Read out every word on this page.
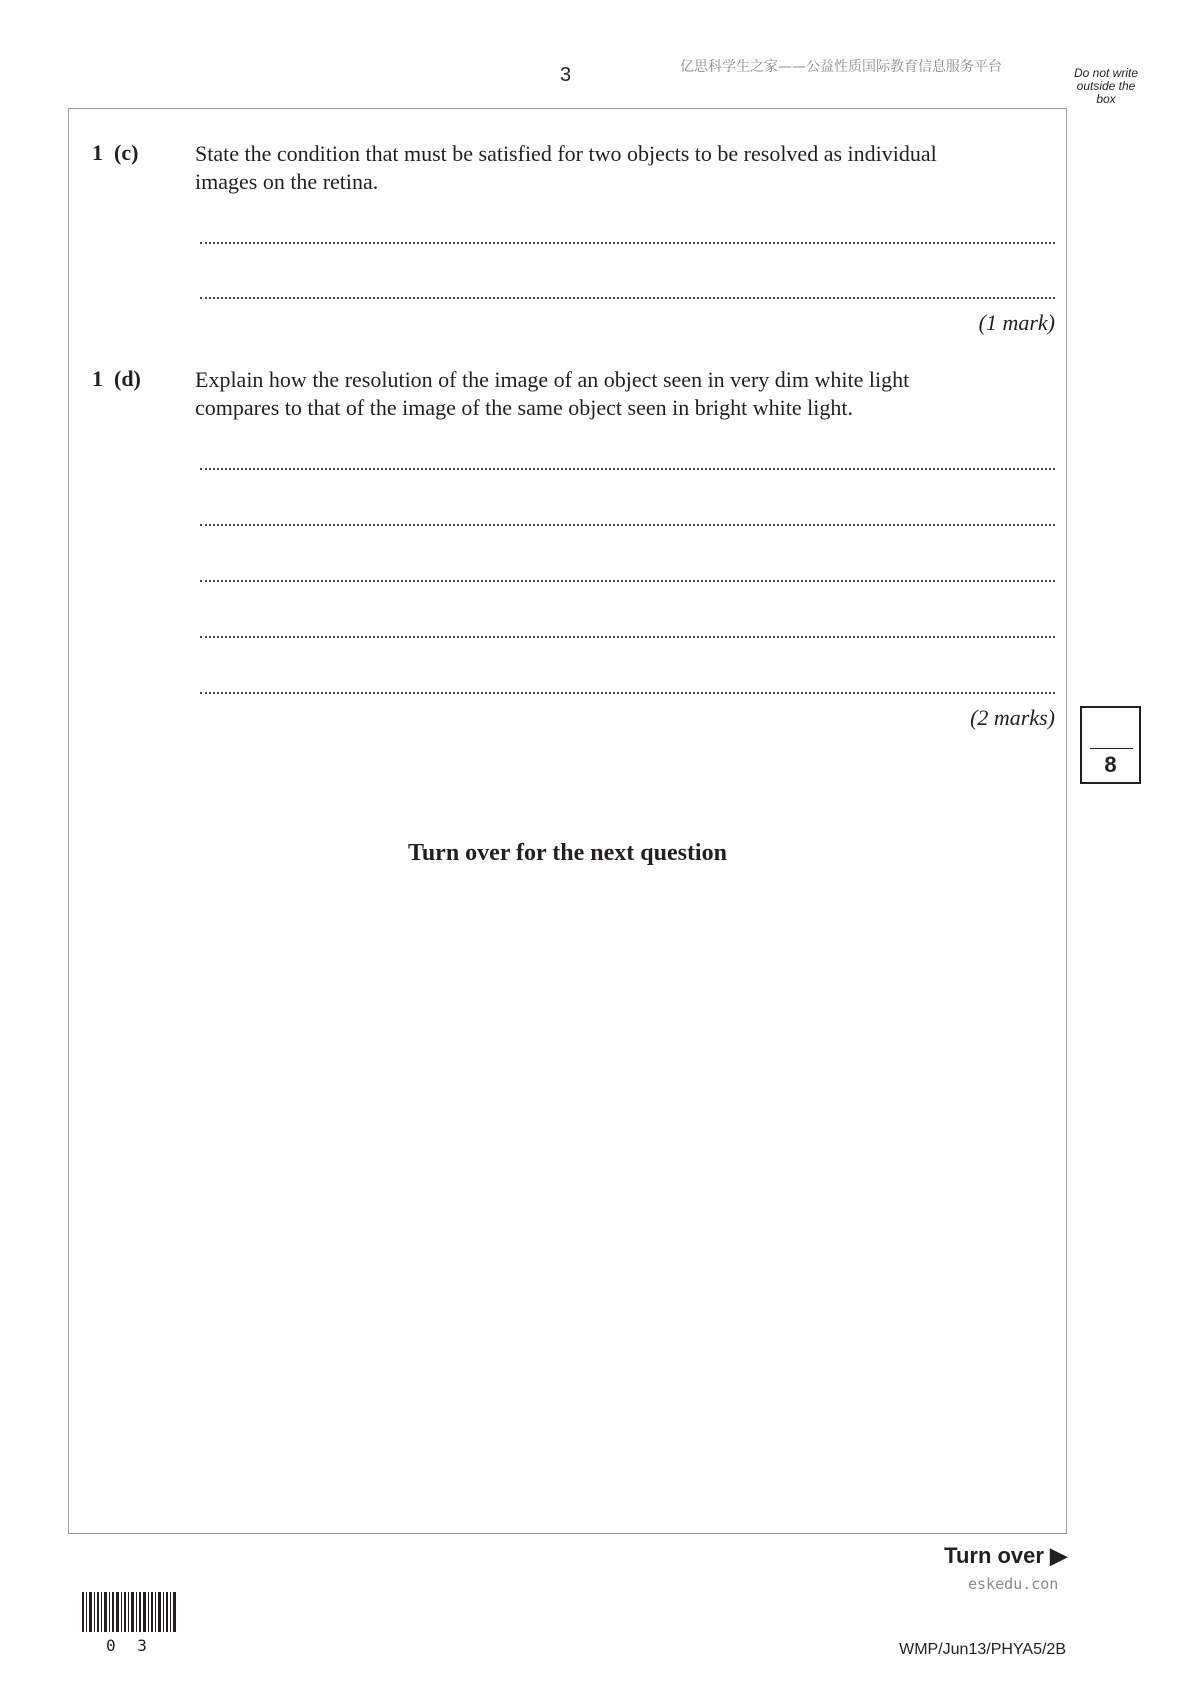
3	亿思科学生之家——公益性质国际教育信息服务平台	Do not write
outside the
box
1 (c)	State the condition that must be satisfied for two objects to be resolved as individual
images on the retina.
(1 mark)
1 (d) Explain how the resolution of the image of an object seen in very dim white light
compares to that of the image of the same object seen in bright white light.
(2 marks)
8
Turn over for the next question
Turn over ▶
eskedu.con
0 3	WMP/Jun13/PHYA5/2B
